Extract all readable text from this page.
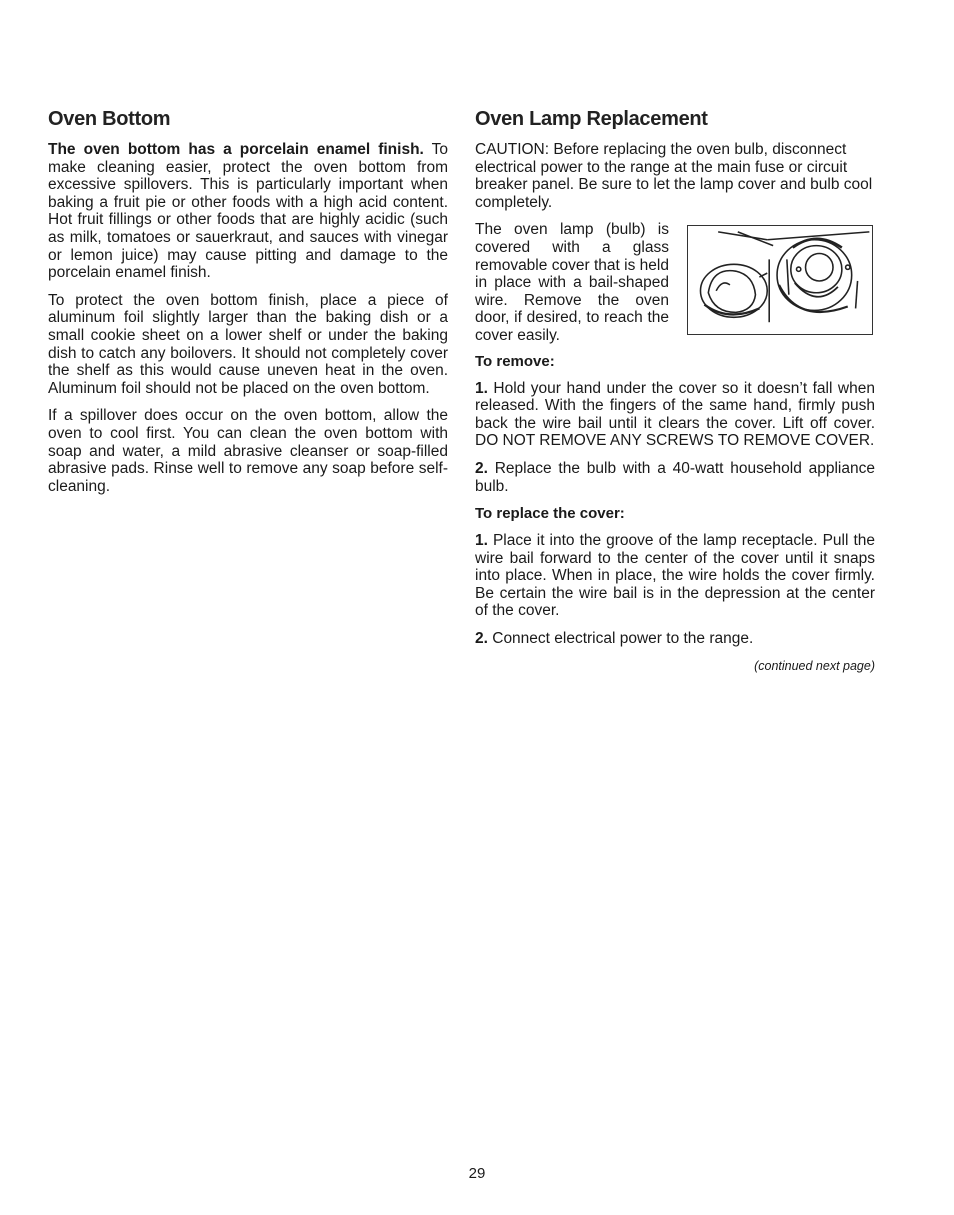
Oven Bottom

The oven bottom has a porcelain enamel finish. To make cleaning easier, protect the oven bottom from excessive spillovers. This is particularly important when baking a fruit pie or other foods with a high acid content. Hot fruit fillings or other foods that are highly acidic (such as milk, tomatoes or sauerkraut, and sauces with vinegar or lemon juice) may cause pitting and damage to the porcelain enamel finish.

To protect the oven bottom finish, place a piece of aluminum foil slightly larger than the baking dish or a small cookie sheet on a lower shelf or under the baking dish to catch any boilovers. It should not completely cover the shelf as this would cause uneven heat in the oven. Aluminum foil should not be placed on the oven bottom.

If a spillover does occur on the oven bottom, allow the oven to cool first. You can clean the oven bottom with soap and water, a mild abrasive cleanser or soap-filled abrasive pads. Rinse well to remove any soap before self-cleaning.

Oven Lamp Replacement

CAUTION: Before replacing the oven bulb, disconnect electrical power to the range at the main fuse or circuit breaker panel. Be sure to let the lamp cover and bulb cool completely.

The oven lamp (bulb) is covered with a glass removable cover that is held in place with a bail-shaped wire. Remove the oven door, if desired, to reach the cover easily.

To remove:

1. Hold your hand under the cover so it doesn’t fall when released. With the fingers of the same hand, firmly push back the wire bail until it clears the cover. Lift off cover. DO NOT REMOVE ANY SCREWS TO REMOVE COVER.

2. Replace the bulb with a 40-watt household appliance bulb.

To replace the cover:

1. Place it into the groove of the lamp receptacle. Pull the wire bail forward to the center of the cover until it snaps into place. When in place, the wire holds the cover firmly. Be certain the wire bail is in the depression at the center of the cover.

2. Connect electrical power to the range.

(continued next page)

29
